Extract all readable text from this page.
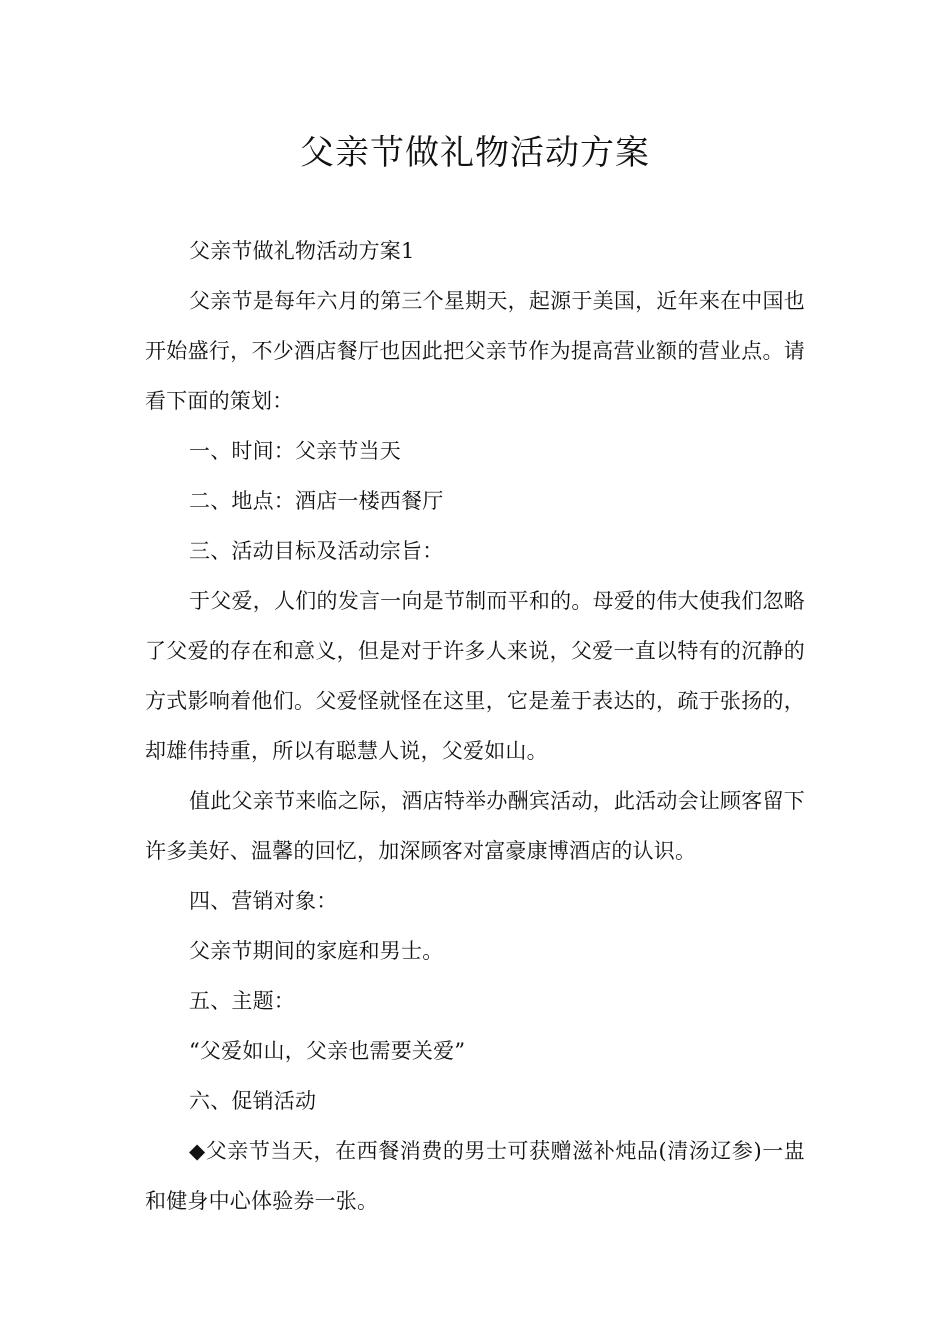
父亲节做礼物活动方案

父亲节做礼物活动方案1

父亲节是每年六月的第三个星期天，起源于美国，近年来在中国也开始盛行，不少酒店餐厅也因此把父亲节作为提高营业额的营业点。请看下面的策划：

一、时间：父亲节当天

二、地点：酒店一楼西餐厅

三、活动目标及活动宗旨：

于父爱，人们的发言一向是节制而平和的。母爱的伟大使我们忽略了父爱的存在和意义，但是对于许多人来说，父爱一直以特有的沉静的方式影响着他们。父爱怪就怪在这里，它是羞于表达的，疏于张扬的，却雄伟持重，所以有聪慧人说，父爱如山。

值此父亲节来临之际，酒店特举办酬宾活动，此活动会让顾客留下许多美好、温馨的回忆，加深顾客对富豪康博酒店的认识。

四、营销对象：

父亲节期间的家庭和男士。

五、主题：

“父爱如山，父亲也需要关爱”

六、促销活动

◆父亲节当天，在西餐消费的男士可获赠滋补炖品(清汤辽参)一盅和健身中心体验券一张。
